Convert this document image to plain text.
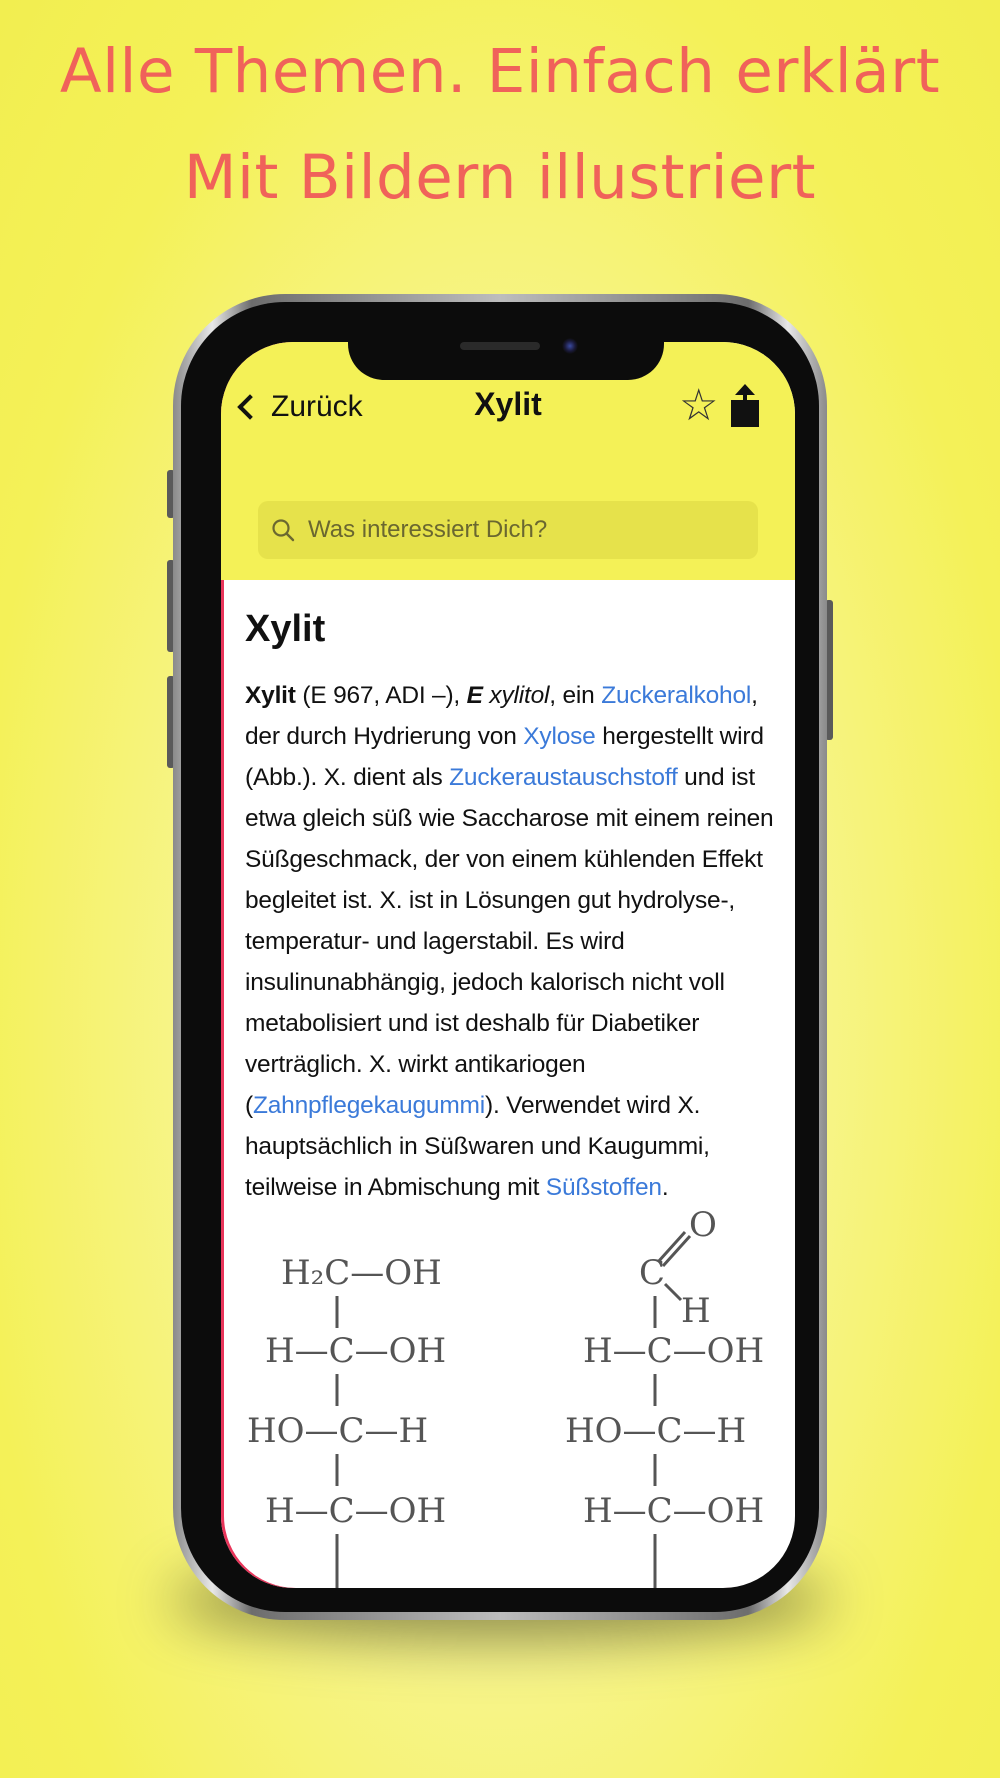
Alle Themen. Einfach erklärt
Mit Bildern illustriert
Zurück	Xylit	☆
Was interessiert Dich?
Xylit

Xylit (E 967, ADI –), E xylitol, ein Zuckeralkohol, der durch Hydrierung von Xylose hergestellt wird (Abb.). X. dient als Zuckeraustauschstoff und ist etwa gleich süß wie Saccharose mit einem reinen Süßgeschmack, der von einem kühlenden Effekt begleitet ist. X. ist in Lösungen gut hydrolyse-, temperatur- und lagerstabil. Es wird insulinunabhängig, jedoch kalorisch nicht voll metabolisiert und ist deshalb für Diabetiker verträglich. X. wirkt antikariogen (Zahnpflegekaugummi). Verwendet wird X. hauptsächlich in Süßwaren und Kaugummi, teilweise in Abmischung mit Süßstoffen.

H₂C—OH
H—C—OH
HO—C—H
H—C—OH
O
C
H
H—C—OH
HO—C—H
H—C—OH
